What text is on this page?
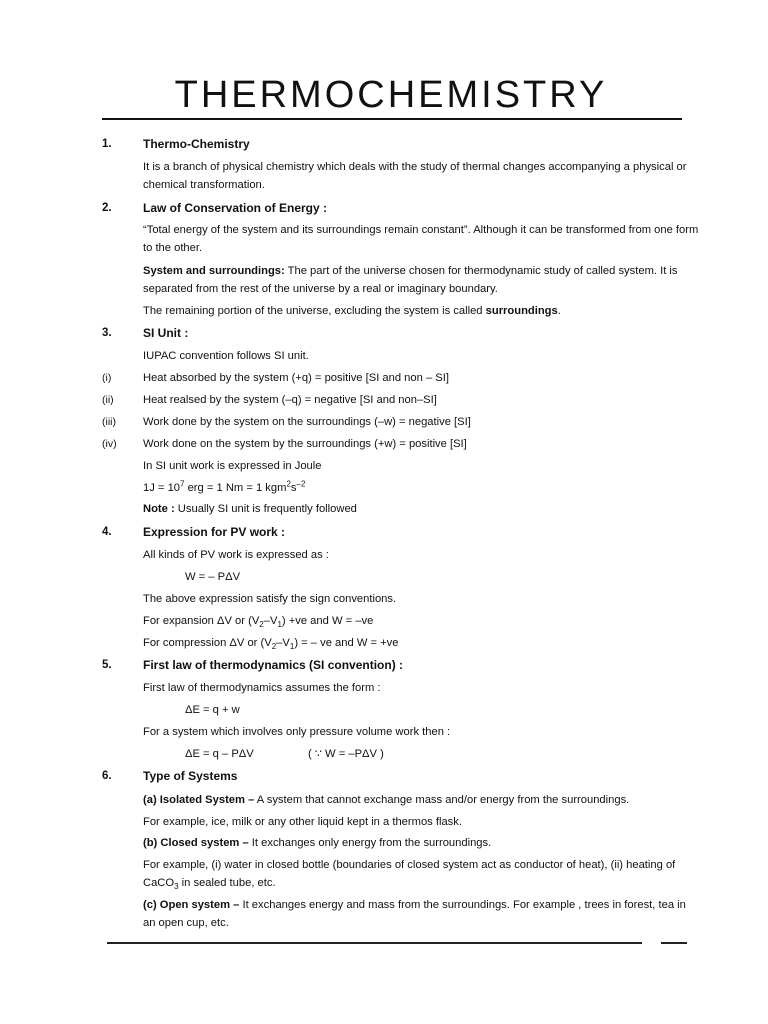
THERMOCHEMISTRY
1.	Thermo-Chemistry
It is a branch of physical chemistry which deals with the study of thermal changes accompanying a physical or
chemical transformation.
2.	Law of Conservation of Energy :
“Total energy of the system and its surroundings remain constant”. Although it can be transformed from one form
to the other.
System and surroundings: The part of the universe chosen for thermodynamic study of called system. It is
separated from the rest of the universe by a real or imaginary boundary.
The remaining portion of the universe, excluding the system is called surroundings.
3.	SI Unit :
IUPAC convention follows SI unit.
(i)	Heat absorbed by the system (+q) = positive [SI and non – SI]
(ii)	Heat realsed by the system (–q) = negative [SI and non–SI]
(iii) Work done by the system on the surroundings (–w) = negative [SI]
(iv) Work done on the system by the surroundings (+w) = positive [SI]
In SI unit work is expressed in Joule
$1J = 10^7$ erg = 1 Nm = 1 $kgm^2s^{-2}$
Note : Usually SI unit is frequently followed
4.	Expression for PV work :
All kinds of PV work is expressed as :
W = – PΔV
The above expression satisfy the sign conventions.
For expansion ΔV or $(V_2-V_1) +ve$ and W = –ve
For compression ΔV or $(V_2-V_1)$ = – ve and W = +ve
5.	First law of thermodynamics (SI convention) :
First law of thermodynamics assumes the form :
ΔE = q + w
For a system which involves only pressure volume work then :
ΔE = q – PΔV	( ∵ W = –PΔV )
6.	Type of Systems
(a) Isolated System – A system that cannot exchange mass and/or energy from the surroundings.
For example, ice, milk or any other liquid kept in a thermos flask.
(b) Closed system – It exchanges only energy from the surroundings.
For example, (i) water in closed bottle (boundaries of closed system act as conductor of heat), (ii) heating of
CaCO$_3$ in sealed tube, etc.
(c) Open system – It exchanges energy and mass from the surroundings. For example , trees in forest, tea in
an open cup, etc.
